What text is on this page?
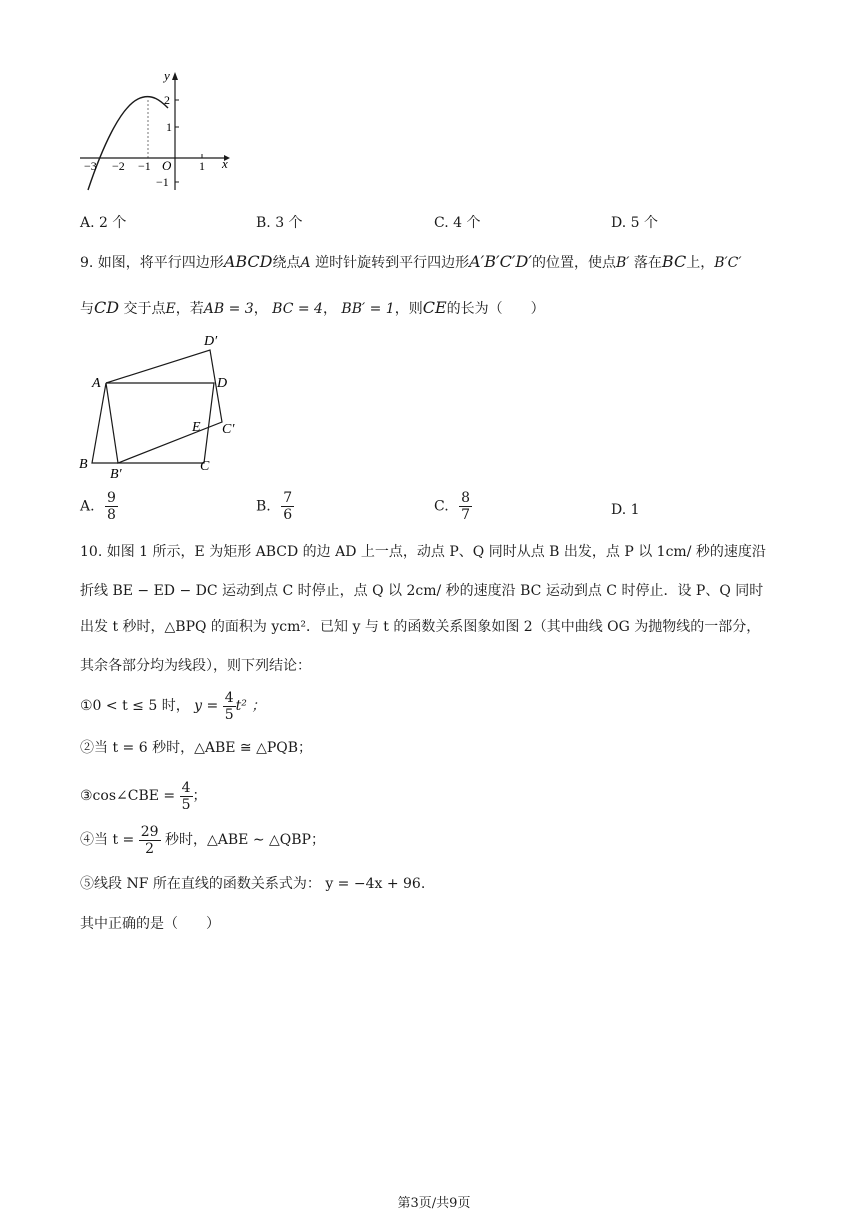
y
x
O
2
1
−1
−3 −2 −1	1
A. 2 个	B. 3 个	C. 4 个	D. 5 个
9. 如图，将平行四边形ABCD绕点A 逆时针旋转到平行四边形A′B′C′D′的位置，使点B′ 落在BC上，B′C′
与CD 交于点E，若AB = 3， BC = 4， BB′ = 1，则CE的长为（　　）
A
D′
D
E C′
B
B′
C
A. $\frac{9}{8}$	B. $\frac{7}{6}$	C. $\frac{8}{7}$	D. 1
10. 如图 1 所示，E 为矩形 ABCD 的边 AD 上一点，动点 P、Q 同时从点 B 出发，点 P 以 1cm/ 秒的速度沿
折线 BE − ED − DC 运动到点 C 时停止，点 Q 以 2cm/ 秒的速度沿 BC 运动到点 C 时停止．设 P、Q 同时
出发 t 秒时，△BPQ 的面积为 ycm²．已知 y 与 t 的函数关系图象如图 2（其中曲线 OG 为抛物线的一部分，
其余各部分均为线段），则下列结论：
①0 < t ≤ 5 时， $y = \frac{4}{5} t^2$ ；
②当 t = 6 秒时，△ABE ≅ △PQB；
③cos∠CBE = $\frac{4}{5}$ ；
④当 $t = \frac{29}{2}$ 秒时，△ABE ∼ △QBP；
⑤线段 NF 所在直线的函数关系式为： y = −4x + 96.
其中正确的是（　　）
第3页/共9页
